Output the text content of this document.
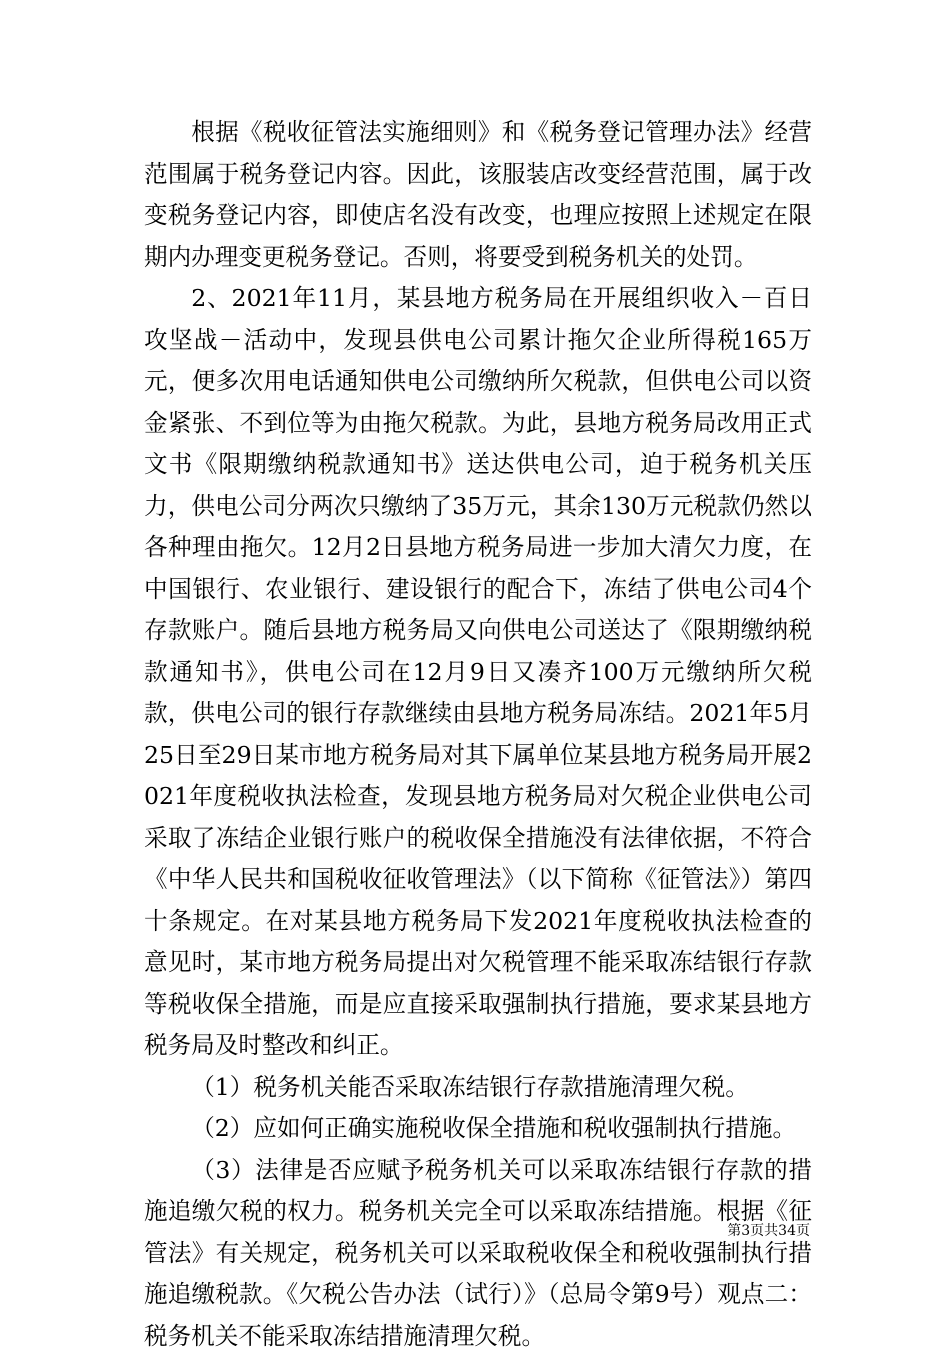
根据《税收征管法实施细则》和《税务登记管理办法》经营范围属于税务登记内容。因此，该服装店改变经营范围，属于改变税务登记内容，即使店名没有改变，也理应按照上述规定在限期内办理变更税务登记。否则，将要受到税务机关的处罚。

2、2021年11月，某县地方税务局在开展组织收入－百日攻坚战－活动中，发现县供电公司累计拖欠企业所得税165万元，便多次用电话通知供电公司缴纳所欠税款，但供电公司以资金紧张、不到位等为由拖欠税款。为此，县地方税务局改用正式文书《限期缴纳税款通知书》送达供电公司，迫于税务机关压力，供电公司分两次只缴纳了35万元，其余130万元税款仍然以各种理由拖欠。12月2日县地方税务局进一步加大清欠力度，在中国银行、农业银行、建设银行的配合下，冻结了供电公司4个存款账户。随后县地方税务局又向供电公司送达了《限期缴纳税款通知书》，供电公司在12月9日又凑齐100万元缴纳所欠税款，供电公司的银行存款继续由县地方税务局冻结。2021年5月25日至29日某市地方税务局对其下属单位某县地方税务局开展2021年度税收执法检查，发现县地方税务局对欠税企业供电公司采取了冻结企业银行账户的税收保全措施没有法律依据，不符合《中华人民共和国税收征收管理法》（以下简称《征管法》）第四十条规定。在对某县地方税务局下发2021年度税收执法检查的意见时，某市地方税务局提出对欠税管理不能采取冻结银行存款等税收保全措施，而是应直接采取强制执行措施，要求某县地方税务局及时整改和纠正。

（1）税务机关能否采取冻结银行存款措施清理欠税。

（2）应如何正确实施税收保全措施和税收强制执行措施。

（3）法律是否应赋予税务机关可以采取冻结银行存款的措施追缴欠税的权力。税务机关完全可以采取冻结措施。根据《征管法》有关规定，税务机关可以采取税收保全和税收强制执行措施追缴税款。《欠税公告办法（试行）》（总局令第9号）观点二：税务机关不能采取冻结措施清理欠税。

第3页共34页
